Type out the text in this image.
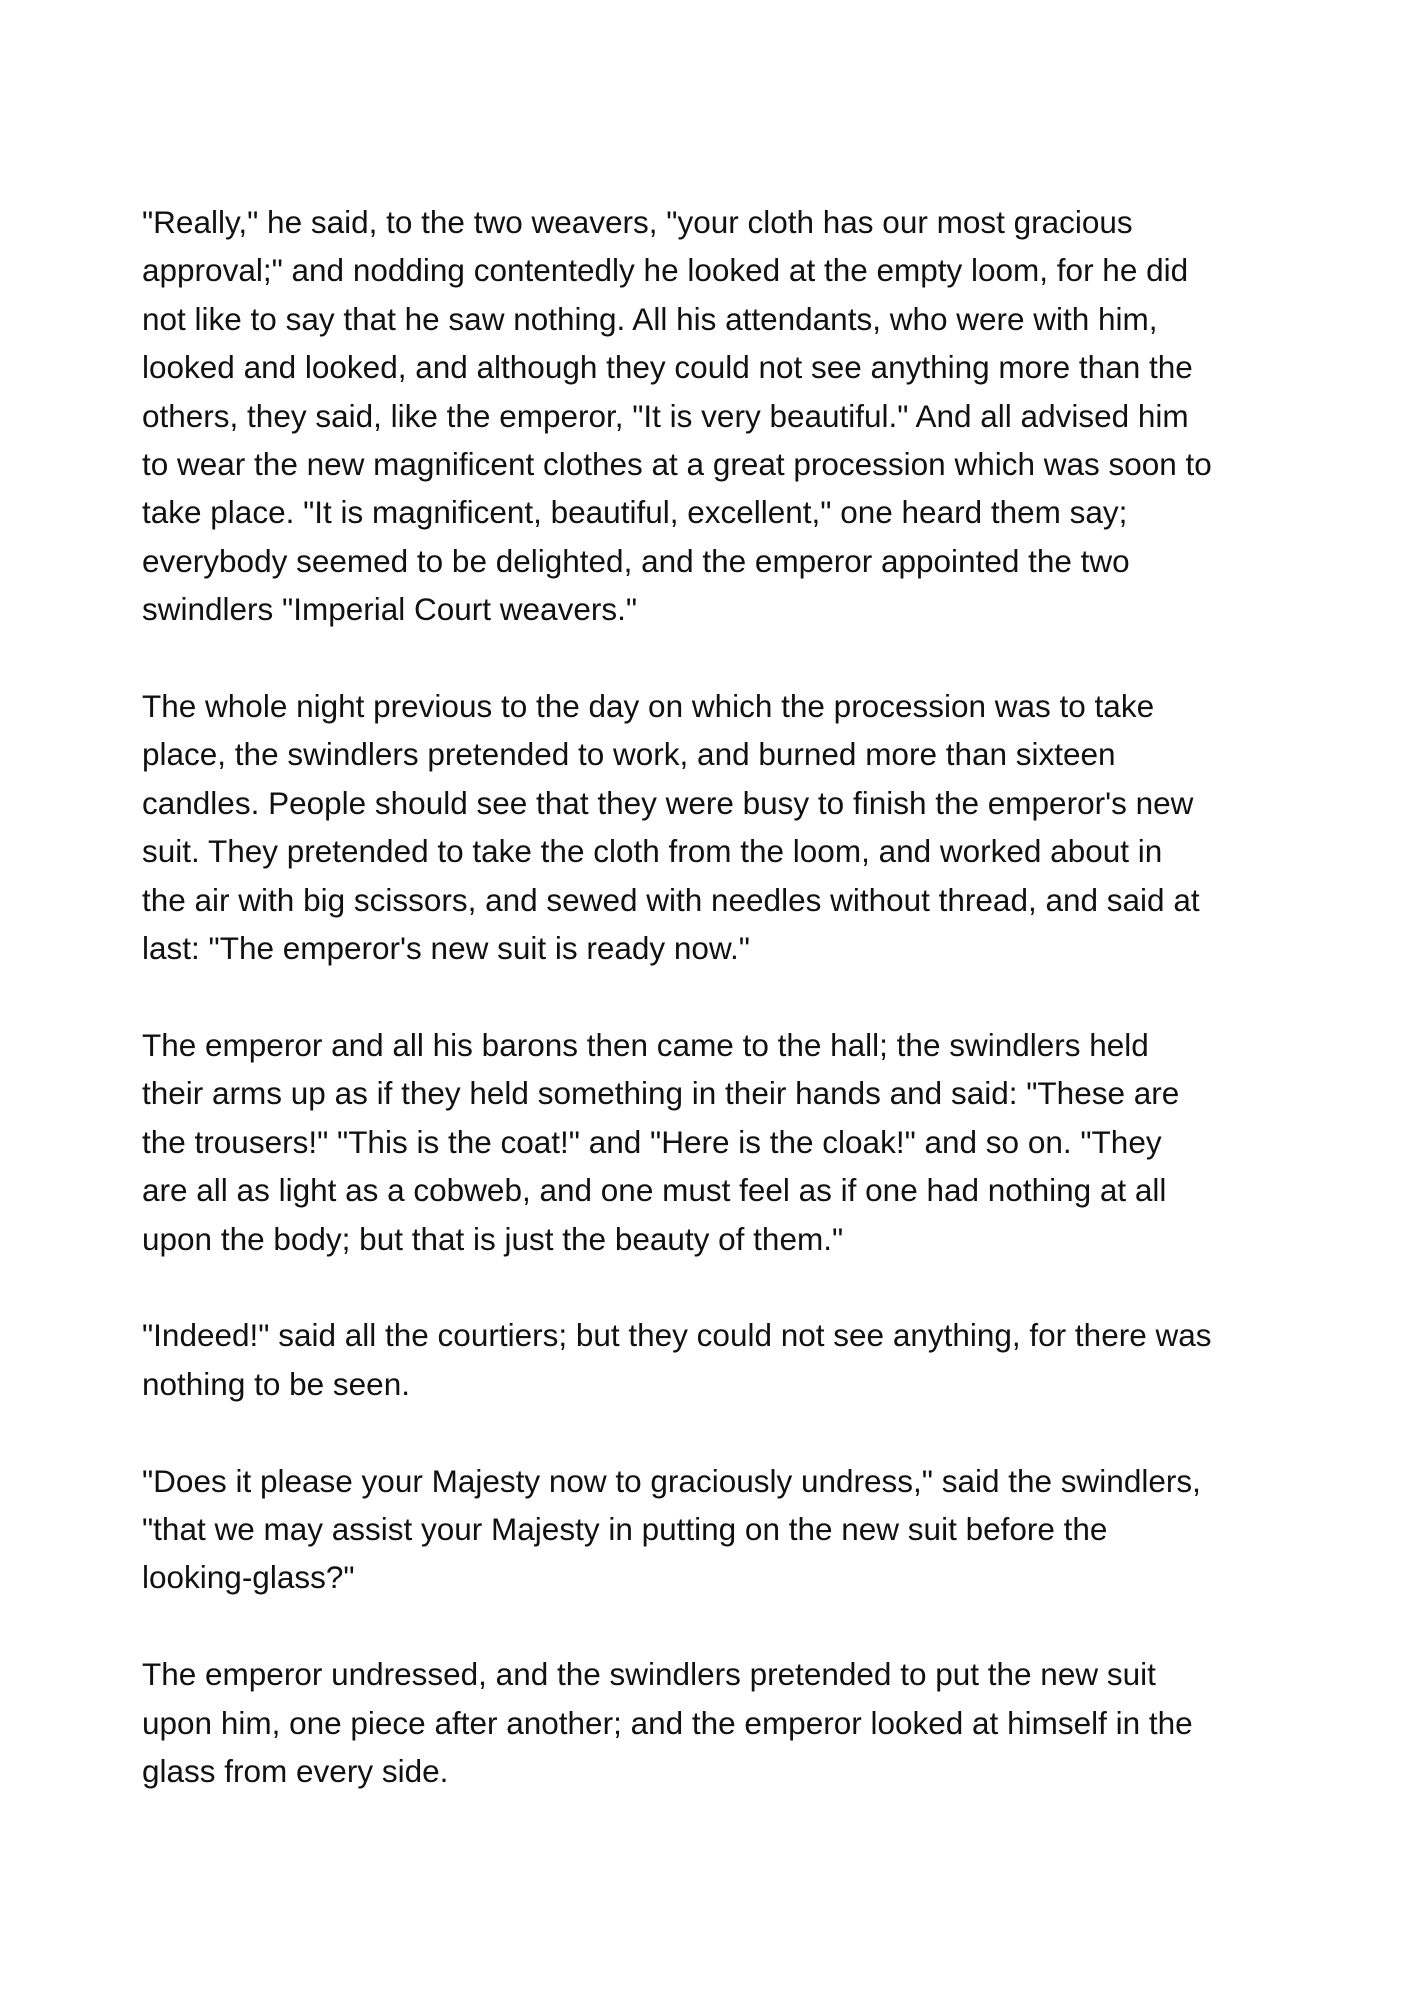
"Really," he said, to the two weavers, "your cloth has our most gracious
approval;" and nodding contentedly he looked at the empty loom, for he did
not like to say that he saw nothing. All his attendants, who were with him,
looked and looked, and although they could not see anything more than the
others, they said, like the emperor, "It is very beautiful." And all advised him
to wear the new magnificent clothes at a great procession which was soon to
take place. "It is magnificent, beautiful, excellent," one heard them say;
everybody seemed to be delighted, and the emperor appointed the two
swindlers "Imperial Court weavers."

The whole night previous to the day on which the procession was to take
place, the swindlers pretended to work, and burned more than sixteen
candles. People should see that they were busy to finish the emperor's new
suit. They pretended to take the cloth from the loom, and worked about in
the air with big scissors, and sewed with needles without thread, and said at
last: "The emperor's new suit is ready now."

The emperor and all his barons then came to the hall; the swindlers held
their arms up as if they held something in their hands and said: "These are
the trousers!" "This is the coat!" and "Here is the cloak!" and so on. "They
are all as light as a cobweb, and one must feel as if one had nothing at all
upon the body; but that is just the beauty of them."

"Indeed!" said all the courtiers; but they could not see anything, for there was
nothing to be seen.

"Does it please your Majesty now to graciously undress," said the swindlers,
"that we may assist your Majesty in putting on the new suit before the
looking-glass?"

The emperor undressed, and the swindlers pretended to put the new suit
upon him, one piece after another; and the emperor looked at himself in the
glass from every side.
